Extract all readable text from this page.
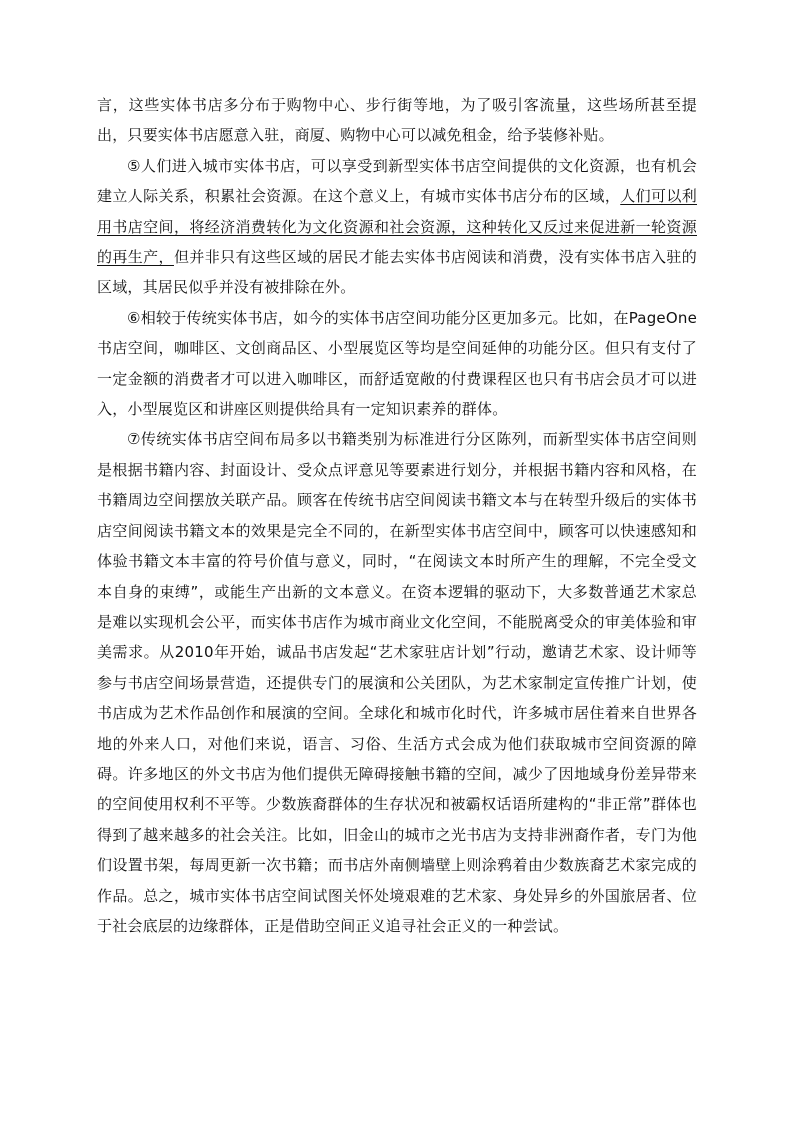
言，这些实体书店多分布于购物中心、步行街等地，为了吸引客流量，这些场所甚至提出，只要实体书店愿意入驻，商厦、购物中心可以减免租金，给予装修补贴。

⑤人们进入城市实体书店，可以享受到新型实体书店空间提供的文化资源，也有机会建立人际关系，积累社会资源。在这个意义上，有城市实体书店分布的区域，人们可以利用书店空间，将经济消费转化为文化资源和社会资源，这种转化又反过来促进新一轮资源的再生产，但并非只有这些区域的居民才能去实体书店阅读和消费，没有实体书店入驻的区域，其居民似乎并没有被排除在外。

⑥相较于传统实体书店，如今的实体书店空间功能分区更加多元。比如，在PageOne书店空间，咖啡区、文创商品区、小型展览区等均是空间延伸的功能分区。但只有支付了一定金额的消费者才可以进入咖啡区，而舒适宽敞的付费课程区也只有书店会员才可以进入，小型展览区和讲座区则提供给具有一定知识素养的群体。

⑦传统实体书店空间布局多以书籍类别为标准进行分区陈列，而新型实体书店空间则是根据书籍内容、封面设计、受众点评意见等要素进行划分，并根据书籍内容和风格，在书籍周边空间摆放关联产品。顾客在传统书店空间阅读书籍文本与在转型升级后的实体书店空间阅读书籍文本的效果是完全不同的，在新型实体书店空间中，顾客可以快速感知和体验书籍文本丰富的符号价值与意义，同时，“在阅读文本时所产生的理解，不完全受文本自身的束缚”，或能生产出新的文本意义。在资本逻辑的驱动下，大多数普通艺术家总是难以实现机会公平，而实体书店作为城市商业文化空间，不能脱离受众的审美体验和审美需求。从2010年开始，诚品书店发起“艺术家驻店计划”行动，邀请艺术家、设计师等参与书店空间场景营造，还提供专门的展演和公关团队，为艺术家制定宣传推广计划，使书店成为艺术作品创作和展演的空间。全球化和城市化时代，许多城市居住着来自世界各地的外来人口，对他们来说，语言、习俗、生活方式会成为他们获取城市空间资源的障碍。许多地区的外文书店为他们提供无障碍接触书籍的空间，减少了因地域身份差异带来的空间使用权利不平等。少数族裔群体的生存状况和被霸权话语所建构的“非正常”群体也得到了越来越多的社会关注。比如，旧金山的城市之光书店为支持非洲裔作者，专门为他们设置书架，每周更新一次书籍；而书店外南侧墙壁上则涂鸦着由少数族裔艺术家完成的作品。总之，城市实体书店空间试图关怀处境艰难的艺术家、身处异乡的外国旅居者、位于社会底层的边缘群体，正是借助空间正义追寻社会正义的一种尝试。
